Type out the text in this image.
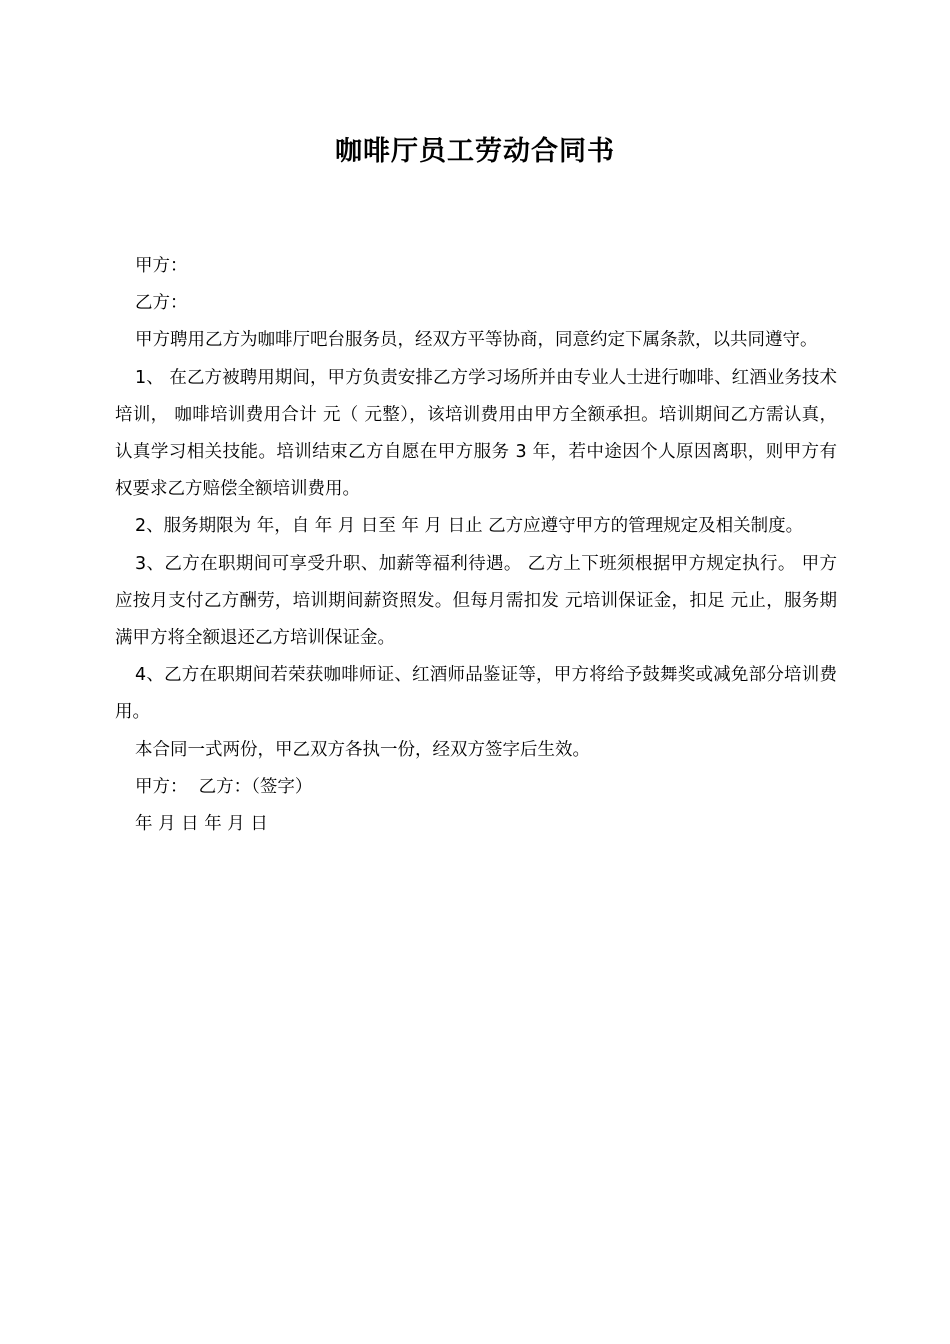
咖啡厅员工劳动合同书

甲方：

乙方：

甲方聘用乙方为咖啡厅吧台服务员，经双方平等协商，同意约定下属条款，以共同遵守。

1、 在乙方被聘用期间，甲方负责安排乙方学习场所并由专业人士进行咖啡、红酒业务技术培训， 咖啡培训费用合计 元（ 元整），该培训费用由甲方全额承担。培训期间乙方需认真， 认真学习相关技能。培训结束乙方自愿在甲方服务 3 年，若中途因个人原因离职，则甲方有 权要求乙方赔偿全额培训费用。

2、服务期限为 年，自 年 月 日至 年 月 日止 乙方应遵守甲方的管理规定及相关制度。

3、乙方在职期间可享受升职、加薪等福利待遇。 乙方上下班须根据甲方规定执行。 甲方应按月支付乙方酬劳，培训期间薪资照发。但每月需扣发 元培训保证金，扣足 元止，服务期满甲方将全额退还乙方培训保证金。

4、乙方在职期间若荣获咖啡师证、红酒师品鉴证等，甲方将给予鼓舞奖或减免部分培训费 用。

本合同一式两份，甲乙双方各执一份，经双方签字后生效。

甲方：  乙方：（签字）

年 月 日 年 月 日
